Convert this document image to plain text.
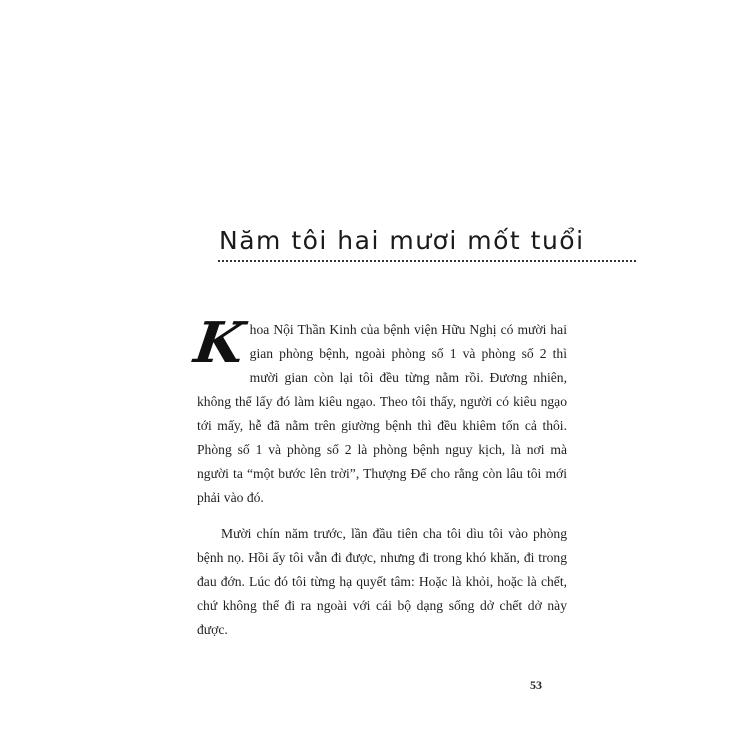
Năm tôi hai mươi mốt tuổi

Khoa Nội Thần Kinh của bệnh viện Hữu Nghị có mười hai gian phòng bệnh, ngoài phòng số 1 và phòng số 2 thì mười gian còn lại tôi đều từng nằm rồi. Đương nhiên, không thể lấy đó làm kiêu ngạo. Theo tôi thấy, người có kiêu ngạo tới mấy, hễ đã nằm trên giường bệnh thì đều khiêm tốn cả thôi. Phòng số 1 và phòng số 2 là phòng bệnh nguy kịch, là nơi mà người ta “một bước lên trời”, Thượng Đế cho rằng còn lâu tôi mới phải vào đó.

Mười chín năm trước, lần đầu tiên cha tôi dìu tôi vào phòng bệnh nọ. Hồi ấy tôi vẫn đi được, nhưng đi trong khó khăn, đi trong đau đớn. Lúc đó tôi từng hạ quyết tâm: Hoặc là khỏi, hoặc là chết, chứ không thể đi ra ngoài với cái bộ dạng sống dở chết dở này được.

53
